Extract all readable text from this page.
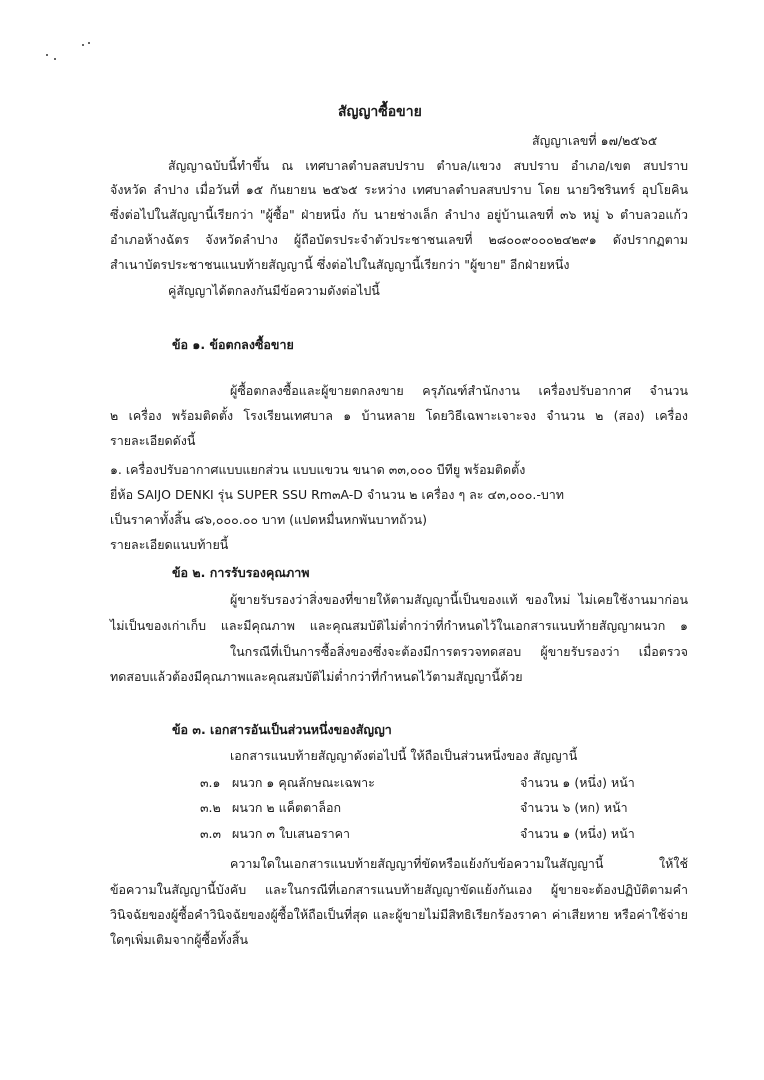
สัญญาซื้อขาย
สัญญาเลขที่ ๑๗/๒๕๖๕
สัญญาฉบับนี้ทำขึ้น ณ เทศบาลตำบลสบปราบ ตำบล/แขวง สบปราบ อำเภอ/เขต สบปราบ
จังหวัด ลำปาง เมื่อวันที่ ๑๕ กันยายน ๒๕๖๕ ระหว่าง เทศบาลตำบลสบปราบ โดย นายวิชรินทร์ อุปโยคิน
ซึ่งต่อไปในสัญญานี้เรียกว่า "ผู้ซื้อ" ฝ่ายหนึ่ง กับ นายช่างเล็ก ลำปาง อยู่บ้านเลขที่ ๓๖ หมู่ ๖ ตำบลวอแก้ว
อำเภอห้างฉัตร จังหวัดลำปาง ผู้ถือบัตรประจำตัวประชาชนเลขที่ ๒๘๐๐๙๐๐๐๒๔๒๙๑ ดังปรากฏตาม
สำเนาบัตรประชาชนแนบท้ายสัญญานี้ ซึ่งต่อไปในสัญญานี้เรียกว่า "ผู้ขาย" อีกฝ่ายหนึ่ง
คู่สัญญาได้ตกลงกันมีข้อความดังต่อไปนี้
ข้อ ๑. ข้อตกลงซื้อขาย
ผู้ซื้อตกลงซื้อและผู้ขายตกลงขาย ครุภัณฑ์สำนักงาน เครื่องปรับอากาศ จำนวน
๒ เครื่อง พร้อมติดตั้ง โรงเรียนเทศบาล ๑ บ้านหลาย โดยวิธีเฉพาะเจาะจง จำนวน ๒ (สอง) เครื่อง
รายละเอียดดังนี้
๑. เครื่องปรับอากาศแบบแยกส่วน แบบแขวน ขนาด ๓๓,๐๐๐ บีทียู พร้อมติดตั้ง
ยี่ห้อ SAIJO DENKI รุ่น SUPER SSU Rm๓A-D จำนวน ๒ เครื่อง ๆ ละ ๔๓,๐๐๐.-บาท
เป็นราคาทั้งสิ้น ๘๖,๐๐๐.๐๐ บาท (แปดหมื่นหกพันบาทถ้วน)
รายละเอียดแนบท้ายนี้
ข้อ ๒. การรับรองคุณภาพ
ผู้ขายรับรองว่าสิ่งของที่ขายให้ตามสัญญานี้เป็นของแท้ ของใหม่ ไม่เคยใช้งานมาก่อน
ไม่เป็นของเก่าเก็บ และมีคุณภาพ และคุณสมบัติไม่ต่ำกว่าที่กำหนดไว้ในเอกสารแนบท้ายสัญญาผนวก ๑
ในกรณีที่เป็นการซื้อสิ่งของซึ่งจะต้องมีการตรวจทดสอบ ผู้ขายรับรองว่า เมื่อตรวจ
ทดสอบแล้วต้องมีคุณภาพและคุณสมบัติไม่ต่ำกว่าที่กำหนดไว้ตามสัญญานี้ด้วย
ข้อ ๓. เอกสารอันเป็นส่วนหนึ่งของสัญญา
เอกสารแนบท้ายสัญญาดังต่อไปนี้ ให้ถือเป็นส่วนหนึ่งของ สัญญานี้
๓.๑ ผนวก ๑ คุณลักษณะเฉพาะ	จำนวน ๑ (หนึ่ง) หน้า
๓.๒ ผนวก ๒ แค็ตตาล็อก	จำนวน ๖ (หก) หน้า
๓.๓ ผนวก ๓ ใบเสนอราคา	จำนวน ๑ (หนึ่ง) หน้า
ความใดในเอกสารแนบท้ายสัญญาที่ขัดหรือแย้งกับข้อความในสัญญานี้ ให้ใช้
ข้อความในสัญญานี้บังคับ และในกรณีที่เอกสารแนบท้ายสัญญาขัดแย้งกันเอง ผู้ขายจะต้องปฏิบัติตามคำ
วินิจฉัยของผู้ซื้อคำวินิจฉัยของผู้ซื้อให้ถือเป็นที่สุด และผู้ขายไม่มีสิทธิเรียกร้องราคา ค่าเสียหาย หรือค่าใช้จ่าย
ใดๆเพิ่มเติมจากผู้ซื้อทั้งสิ้น
